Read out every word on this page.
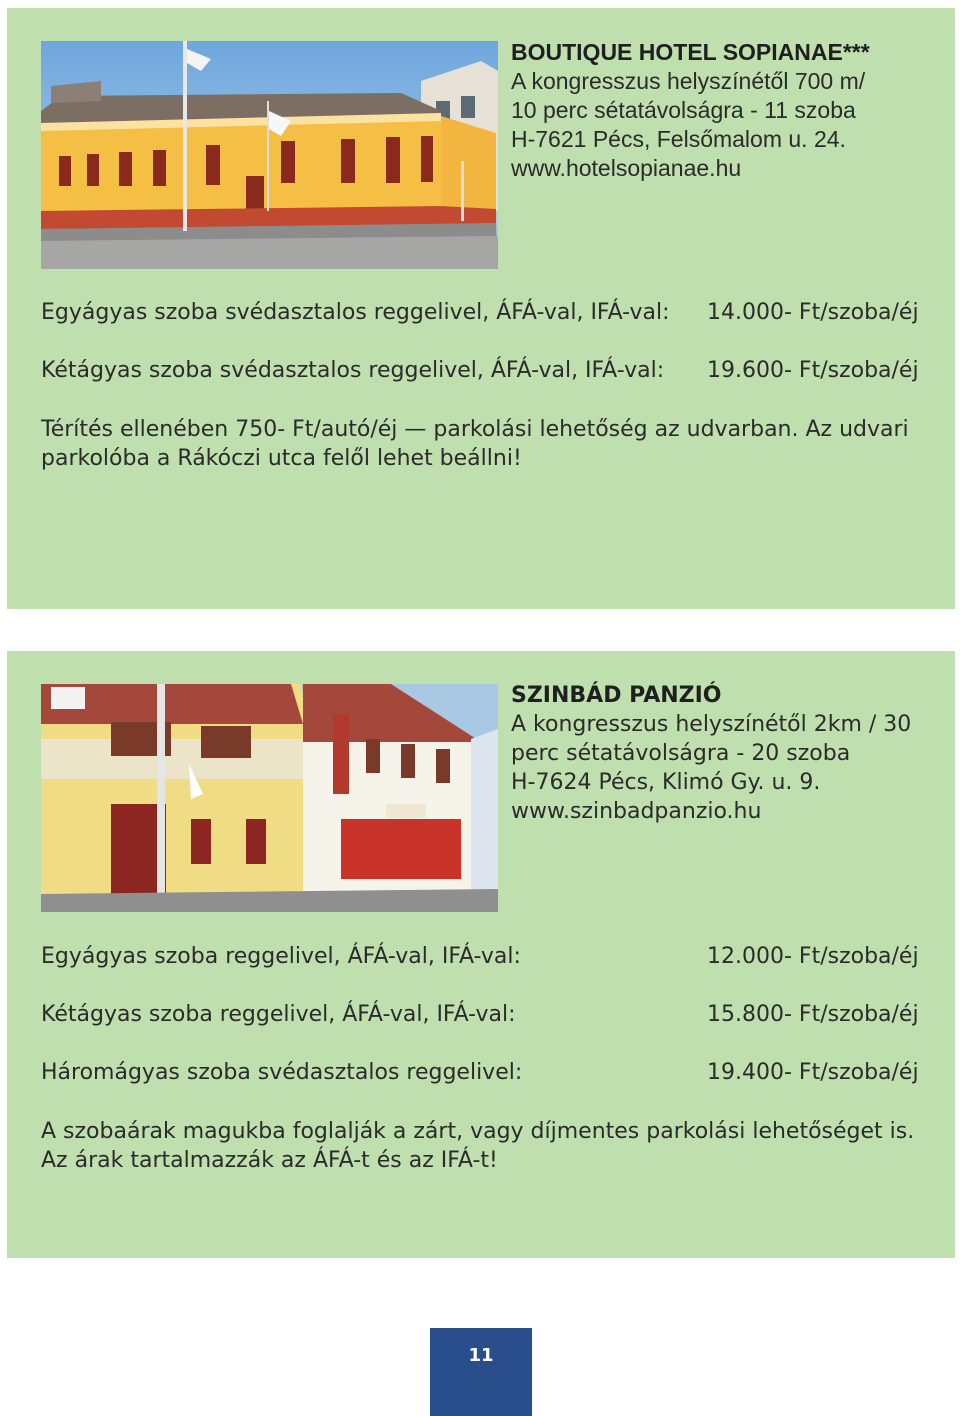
BOUTIQUE HOTEL SOPIANAE***
A kongresszus helyszínétől 700 m/
10 perc sétatávolságra - 11 szoba
H-7621 Pécs, Felsőmalom u. 24.
www.hotelsopianae.hu
Egyágyas szoba svédasztalos reggelivel, ÁFÁ-val, IFÁ-val: 14.000- Ft/szoba/éj
Kétágyas szoba svédasztalos reggelivel, ÁFÁ-val, IFÁ-val: 19.600- Ft/szoba/éj
Térítés ellenében 750- Ft/autó/éj — parkolási lehetőség az udvarban. Az udvari
parkolóba a Rákóczi utca felől lehet beállni!
SZINBÁD PANZIÓ
A kongresszus helyszínétől 2km / 30
perc sétatávolságra - 20 szoba
H-7624 Pécs, Klimó Gy. u. 9.
www.szinbadpanzio.hu
Egyágyas szoba reggelivel, ÁFÁ-val, IFÁ-val:	12.000- Ft/szoba/éj
Kétágyas szoba reggelivel, ÁFÁ-val, IFÁ-val:	15.800- Ft/szoba/éj
Háromágyas szoba svédasztalos reggelivel:	19.400- Ft/szoba/éj
A szobaárak magukba foglalják a zárt, vagy díjmentes parkolási lehetőséget is.
Az árak tartalmazzák az ÁFÁ-t és az IFÁ-t!
11
